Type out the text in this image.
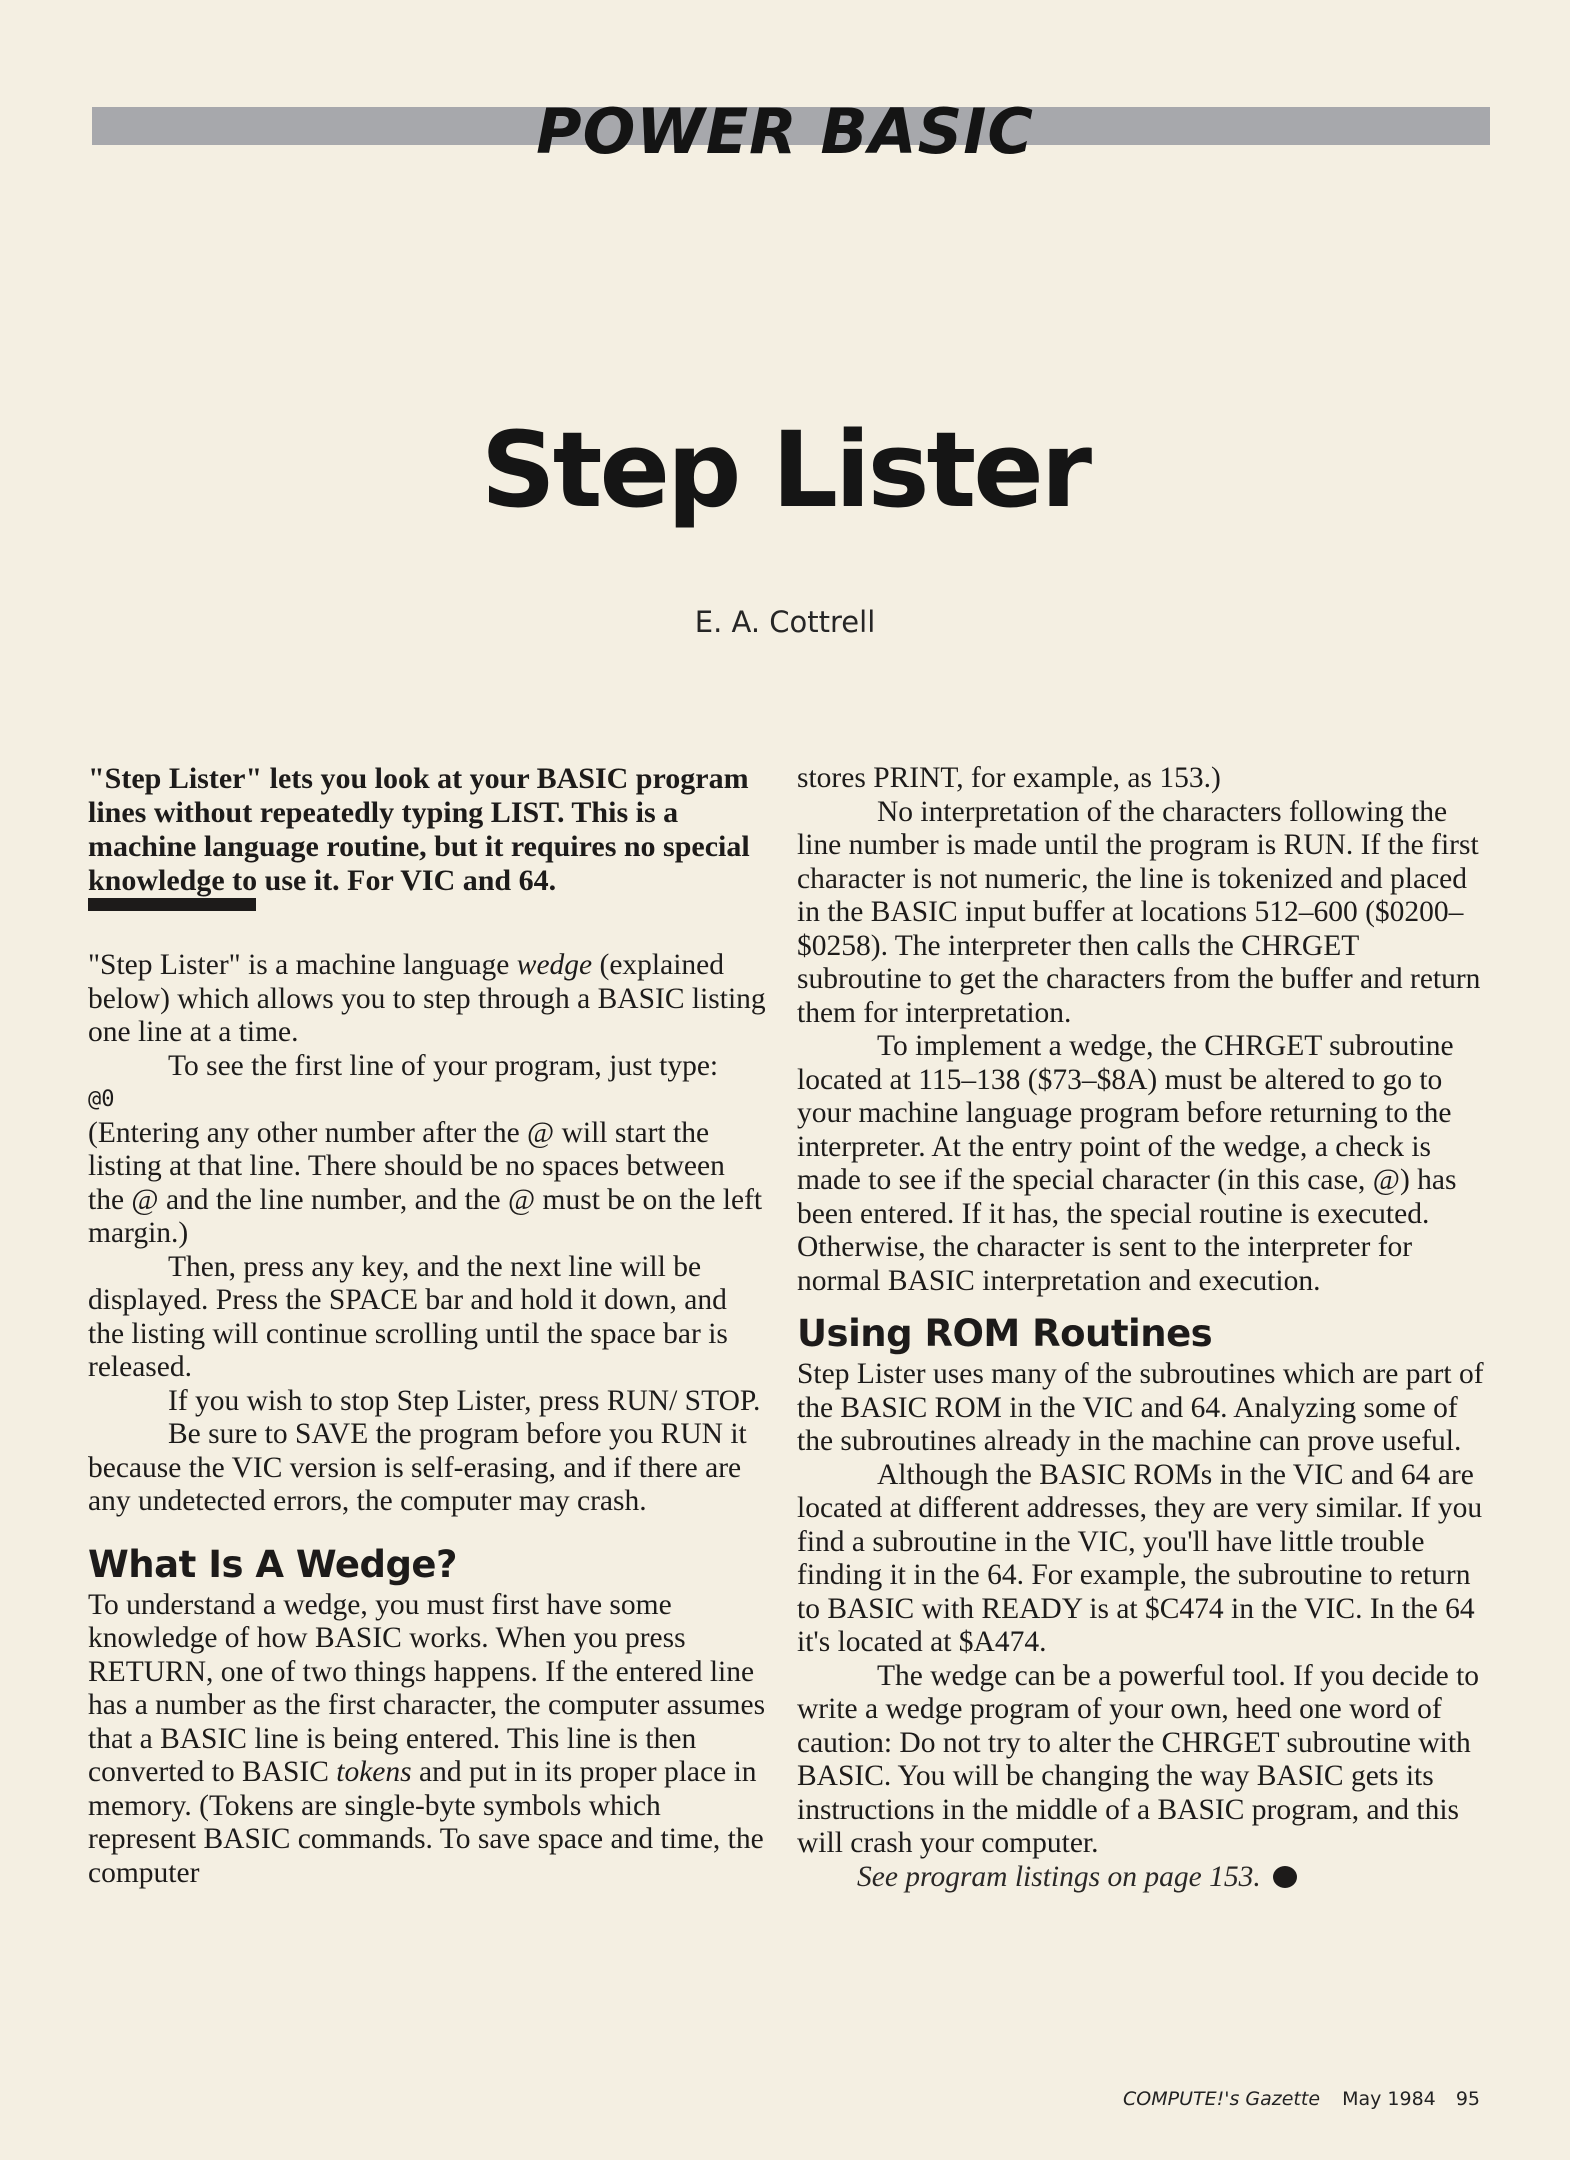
POWER BASIC
Step Lister
E. A. Cottrell

"Step Lister" lets you look at your BASIC program lines without repeatedly typing LIST. This is a machine language routine, but it requires no special knowledge to use it. For VIC and 64.

"Step Lister" is a machine language wedge (explained below) which allows you to step through a BASIC listing one line at a time.

To see the first line of your program, just type:

@0

(Entering any other number after the @ will start the listing at that line. There should be no spaces between the @ and the line number, and the @ must be on the left margin.)

Then, press any key, and the next line will be displayed. Press the SPACE bar and hold it down, and the listing will continue scrolling until the space bar is released.

If you wish to stop Step Lister, press RUN/ STOP.

Be sure to SAVE the program before you RUN it because the VIC version is self-erasing, and if there are any undetected errors, the computer may crash.

What Is A Wedge?

To understand a wedge, you must first have some knowledge of how BASIC works. When you press RETURN, one of two things happens. If the entered line has a number as the first character, the computer assumes that a BASIC line is being entered. This line is then converted to BASIC tokens and put in its proper place in memory. (Tokens are single-byte symbols which represent BASIC commands. To save space and time, the computer

stores PRINT, for example, as 153.)

No interpretation of the characters following the line number is made until the program is RUN. If the first character is not numeric, the line is tokenized and placed in the BASIC input buffer at locations 512–600 ($0200–$0258). The interpreter then calls the CHRGET subroutine to get the characters from the buffer and return them for interpretation.

To implement a wedge, the CHRGET subroutine located at 115–138 ($73–$8A) must be altered to go to your machine language program before returning to the interpreter. At the entry point of the wedge, a check is made to see if the special character (in this case, @) has been entered. If it has, the special routine is executed. Otherwise, the character is sent to the interpreter for normal BASIC interpretation and execution.

Using ROM Routines

Step Lister uses many of the subroutines which are part of the BASIC ROM in the VIC and 64. Analyzing some of the subroutines already in the machine can prove useful.

Although the BASIC ROMs in the VIC and 64 are located at different addresses, they are very similar. If you find a subroutine in the VIC, you'll have little trouble finding it in the 64. For example, the subroutine to return to BASIC with READY is at $C474 in the VIC. In the 64 it's located at $A474.

The wedge can be a powerful tool. If you decide to write a wedge program of your own, heed one word of caution: Do not try to alter the CHRGET subroutine with BASIC. You will be changing the way BASIC gets its instructions in the middle of a BASIC program, and this will crash your computer.

See program listings on page 153.

COMPUTE!'s Gazette May 1984 95
